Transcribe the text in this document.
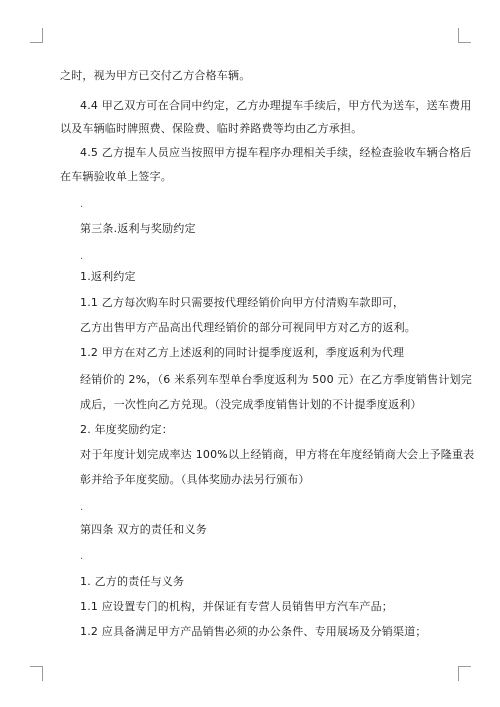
之时，视为甲方已交付乙方合格车辆。
4.4 甲乙双方可在合同中约定，乙方办理提车手续后，甲方代为送车，送车费用
以及车辆临时牌照费、保险费、临时养路费等均由乙方承担。
4.5 乙方提车人员应当按照甲方提车程序办理相关手续，经检查验收车辆合格后
在车辆验收单上签字。
.
第三条.返利与奖励约定
.
1.返利约定
1.1 乙方每次购车时只需要按代理经销价向甲方付清购车款即可，
乙方出售甲方产品高出代理经销价的部分可视同甲方对乙方的返利。
1.2 甲方在对乙方上述返利的同时计提季度返利，季度返利为代理
经销价的 2%，（6 米系列车型单台季度返利为 500 元）在乙方季度销售计划完
成后，一次性向乙方兑现。（没完成季度销售计划的不计提季度返利）
2. 年度奖励约定：
对于年度计划完成率达 100%以上经销商，甲方将在年度经销商大会上予隆重表
彰并给予年度奖励。（具体奖励办法另行颁布）
.
第四条 双方的责任和义务
.
1. 乙方的责任与义务
1.1 应设置专门的机构，并保证有专营人员销售甲方汽车产品；
1.2 应具备满足甲方产品销售必须的办公条件、专用展场及分销渠道；
